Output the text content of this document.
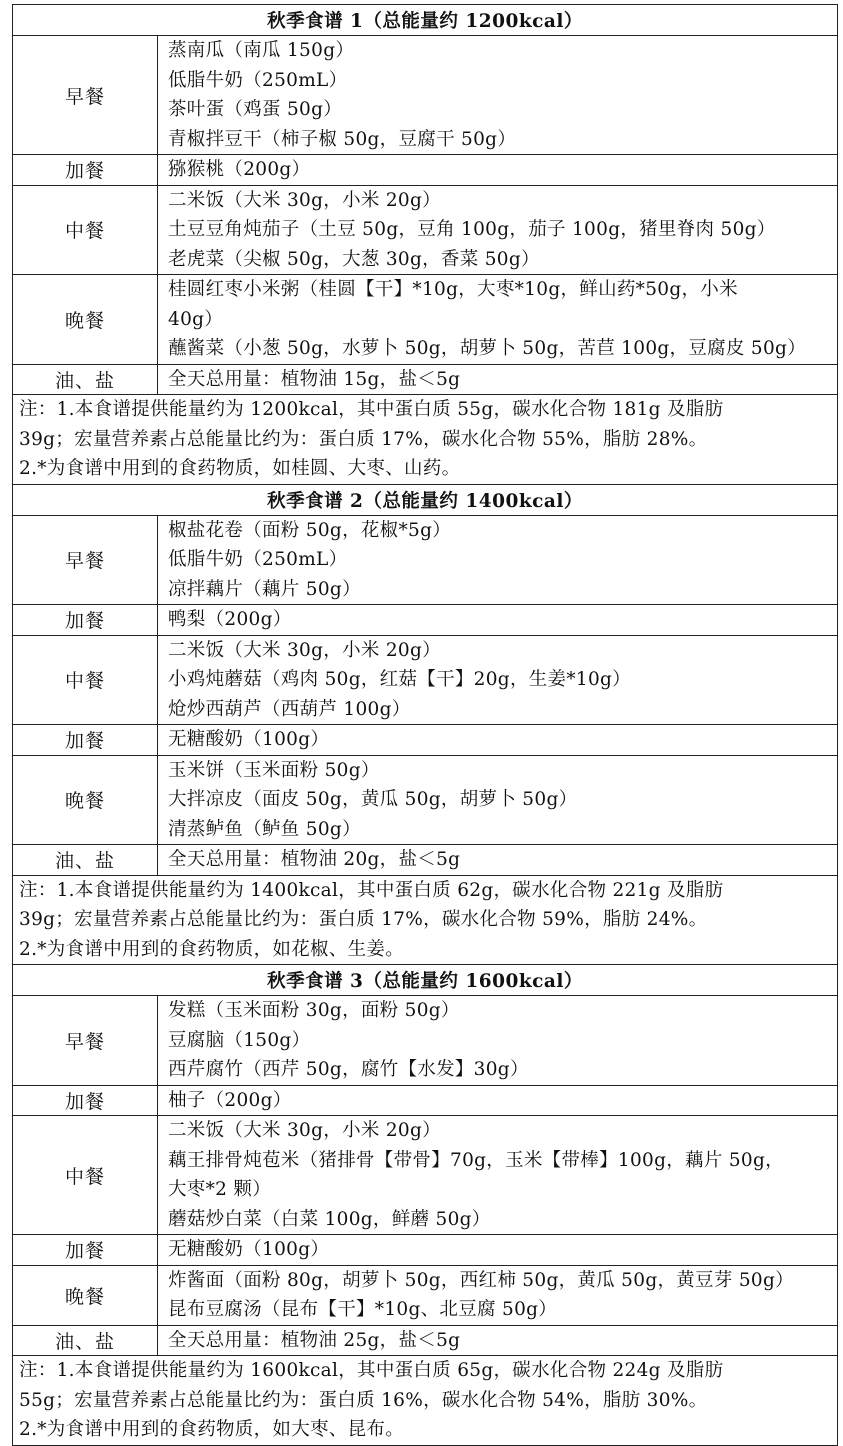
秋季食谱 1（总能量约 1200kcal）	
早餐	蒸南瓜（南瓜 150g）
低脂牛奶（250mL）
茶叶蛋（鸡蛋 50g）
青椒拌豆干（柿子椒 50g，豆腐干 50g）

加餐	猕猴桃（200g）

中餐	二米饭（大米 30g，小米 20g）
土豆豆角炖茄子（土豆 50g，豆角 100g，茄子 100g，猪里脊肉 50g）
老虎菜（尖椒 50g，大葱 30g，香菜 50g）

晚餐	桂圆红枣小米粥（桂圆【干】*10g，大枣*10g，鲜山药*50g，小米
40g）
蘸酱菜（小葱 50g，水萝卜 50g，胡萝卜 50g，苦苣 100g，豆腐皮 50g）

油、盐	全天总用量：植物油 15g，盐＜5g

注：1.本食谱提供能量约为 1200kcal，其中蛋白质 55g，碳水化合物 181g 及脂肪
39g；宏量营养素占总能量比约为：蛋白质 17%，碳水化合物 55%，脂肪 28%。
2.*为食谱中用到的食药物质，如桂圆、大枣、山药。	

秋季食谱 2（总能量约 1400kcal）	
早餐	椒盐花卷（面粉 50g，花椒*5g）
低脂牛奶（250mL）
凉拌藕片（藕片 50g）

加餐	鸭梨（200g）

中餐	二米饭（大米 30g，小米 20g）
小鸡炖蘑菇（鸡肉 50g，红菇【干】20g，生姜*10g）
炝炒西葫芦（西葫芦 100g）

加餐	无糖酸奶（100g）

晚餐	玉米饼（玉米面粉 50g）
大拌凉皮（面皮 50g，黄瓜 50g，胡萝卜 50g）
清蒸鲈鱼（鲈鱼 50g）

油、盐	全天总用量：植物油 20g，盐＜5g

注：1.本食谱提供能量约为 1400kcal，其中蛋白质 62g，碳水化合物 221g 及脂肪
39g；宏量营养素占总能量比约为：蛋白质 17%，碳水化合物 59%，脂肪 24%。
2.*为食谱中用到的食药物质，如花椒、生姜。	

秋季食谱 3（总能量约 1600kcal）	
早餐	发糕（玉米面粉 30g，面粉 50g）
豆腐脑（150g）
西芹腐竹（西芹 50g，腐竹【水发】30g）

加餐	柚子（200g）

中餐	二米饭（大米 30g，小米 20g）
藕王排骨炖苞米（猪排骨【带骨】70g，玉米【带棒】100g，藕片 50g，
大枣*2 颗）
蘑菇炒白菜（白菜 100g，鲜蘑 50g）

加餐	无糖酸奶（100g）

晚餐	炸酱面（面粉 80g，胡萝卜 50g，西红柿 50g，黄瓜 50g，黄豆芽 50g）
昆布豆腐汤（昆布【干】*10g、北豆腐 50g）

油、盐	全天总用量：植物油 25g，盐＜5g

注：1.本食谱提供能量约为 1600kcal，其中蛋白质 65g，碳水化合物 224g 及脂肪
55g；宏量营养素占总能量比约为：蛋白质 16%，碳水化合物 54%，脂肪 30%。
2.*为食谱中用到的食药物质，如大枣、昆布。	
